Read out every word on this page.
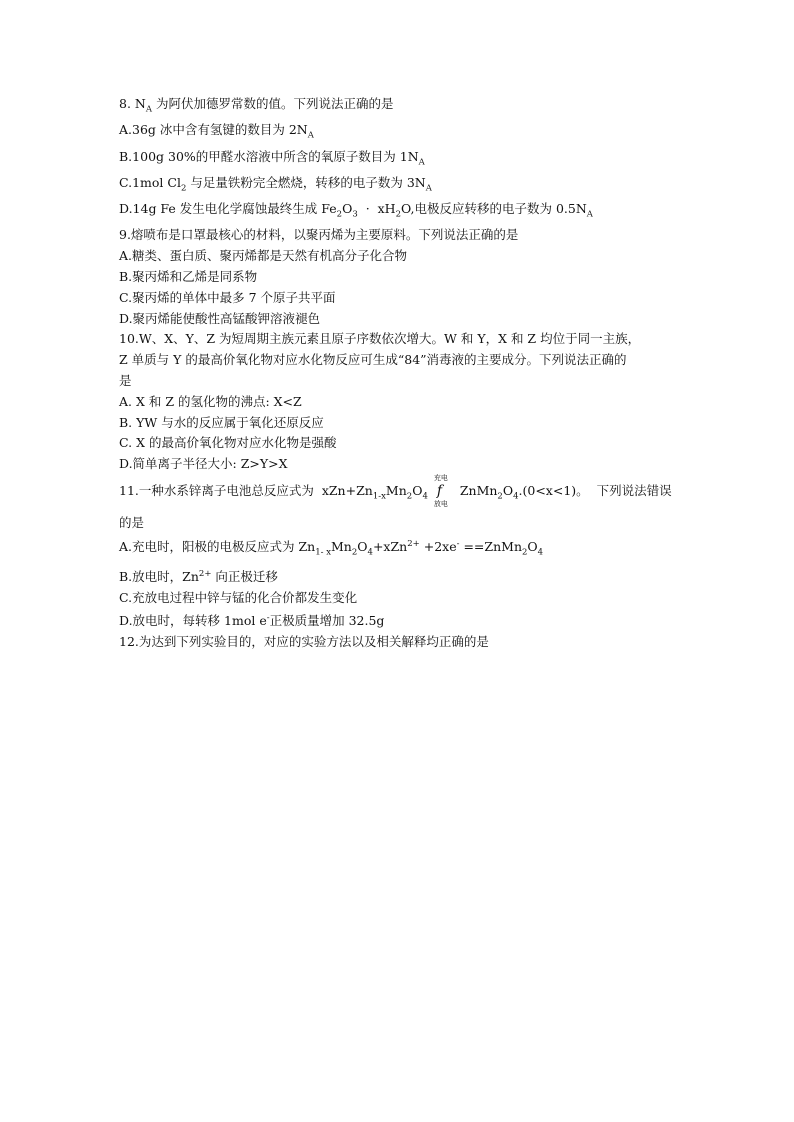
8. $N_A$ 为阿伏加德罗常数的值。下列说法正确的是
A.36g 冰中含有氢键的数目为 $2N_A$
B.100g 30%的甲醛水溶液中所含的氧原子数目为 $1N_A$
C.1mol $Cl_2$ 与足量铁粉完全燃烧，转移的电子数为 $3N_A$
D.14g Fe 发生电化学腐蚀最终生成 $Fe_2O_3 \cdot xH_2O$,电极反应转移的电子数为 $0.5N_A$
9.熔喷布是口罩最核心的材料，以聚丙烯为主要原料。下列说法正确的是
A.糖类、蛋白质、聚丙烯都是天然有机高分子化合物
B.聚丙烯和乙烯是同系物
C.聚丙烯的单体中最多 7 个原子共平面
D.聚丙烯能使酸性高锰酸钾溶液褪色
10.W、X、Y、Z 为短周期主族元素且原子序数依次增大。W 和 Y，X 和 Z 均位于同一主族，
Z 单质与 Y 的最高价氧化物对应水化物反应可生成“84”消毒液的主要成分。下列说法正确的
是
A. X 和 Z 的氢化物的沸点: X<Z
B. YW 与水的反应属于氧化还原反应
C. X 的最高价氧化物对应水化物是强酸
D.简单离子半径大小: Z>Y>X
11.一种水系锌离子电池总反应式为  $xZn+Zn_{1-x}Mn_2O_4$
充电
f
放电
$ZnMn_2O_4.(0<x<1)$。  下列说法错误
的是
A.充电时，阳极的电极反应式为 $Zn_{1- x}Mn_2O_4+xZn^{2+} +2xe^-$ $==ZnMn_2O_4$
B.放电时，$Zn^{2+}$ 向正极迁移
C.充放电过程中锌与锰的化合价都发生变化
D.放电时，每转移 1mol e-正极质量增加 32.5g
12.为达到下列实验目的，对应的实验方法以及相关解释均正确的是
